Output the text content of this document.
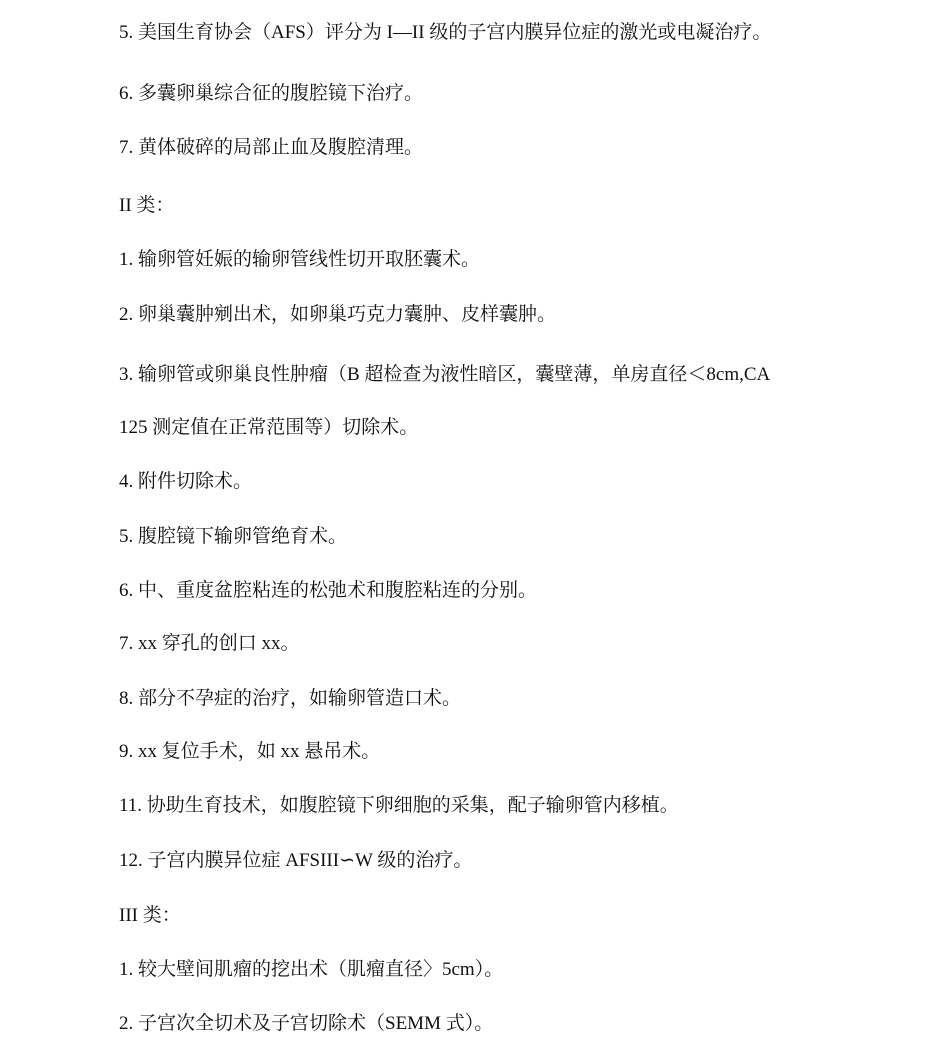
5. 美国生育协会（AFS）评分为 I—II 级的子宫内膜异位症的激光或电凝治疗。
6. 多囊卵巢综合征的腹腔镜下治疗。
7. 黄体破碎的局部止血及腹腔清理。
II 类：
1. 输卵管妊娠的输卵管线性切开取胚囊术。
2. 卵巢囊肿剜出术，如卵巢巧克力囊肿、皮样囊肿。
3. 输卵管或卵巢良性肿瘤（B 超检查为液性暗区，囊壁薄，单房直径＜8cm,CA
125 测定值在正常范围等）切除术。
4. 附件切除术。
5. 腹腔镜下输卵管绝育术。
6. 中、重度盆腔粘连的松弛术和腹腔粘连的分别。
7. xx 穿孔的创口 xx。
8. 部分不孕症的治疗，如输卵管造口术。
9. xx 复位手术，如 xx 悬吊术。
11. 协助生育技术，如腹腔镜下卵细胞的采集，配子输卵管内移植。
12. 子宫内膜异位症 AFSIII∽W 级的治疗。
III 类：
1. 较大壁间肌瘤的挖出术（肌瘤直径〉5cm）。
2. 子宫次全切术及子宫切除术（SEMM 式）。
